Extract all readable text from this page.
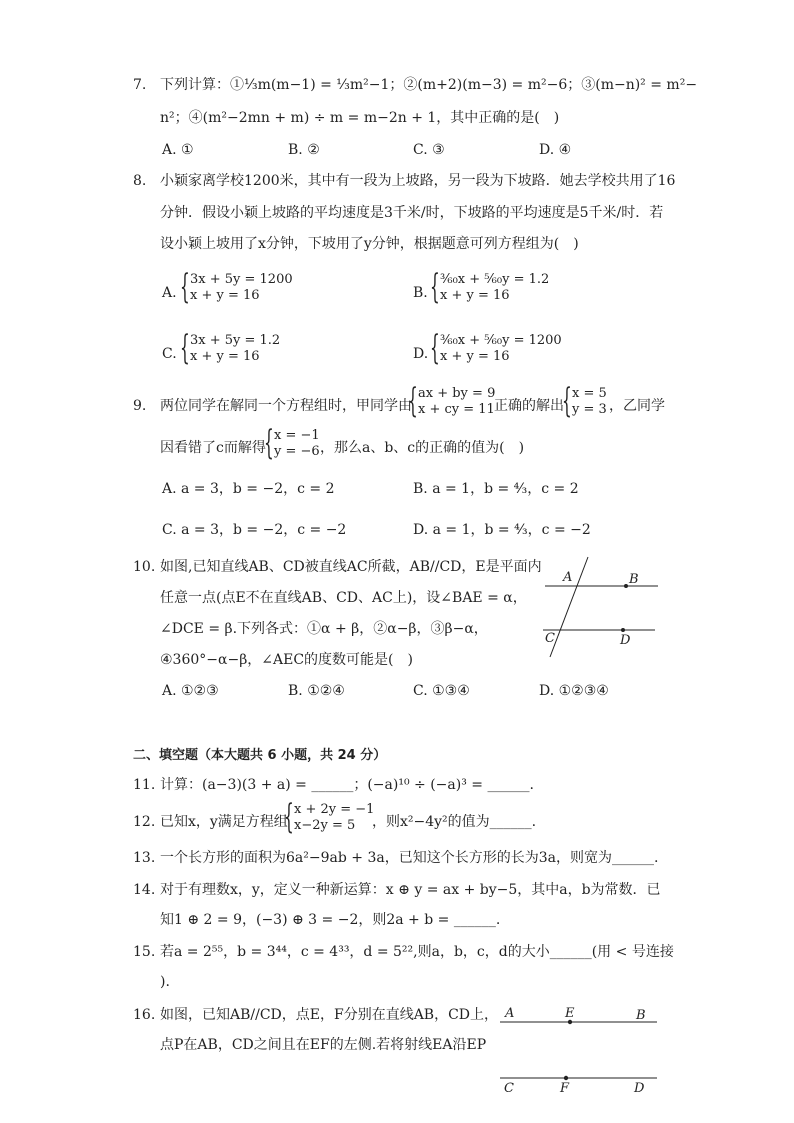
7. 下列计算：①⅓m(m−1) = ⅓m²−1；②(m+2)(m−3) = m²−6；③(m−n)² = m²−
n²；④(m²−2mn + m) ÷ m = m−2n + 1，其中正确的是(　)
A. ①	B. ②	C. ③	D. ④
8. 小颖家离学校1200米，其中有一段为上坡路，另一段为下坡路．她去学校共用了16
分钟．假设小颖上坡路的平均速度是3千米/时，下坡路的平均速度是5千米/时．若
设小颖上坡用了x分钟，下坡用了y分钟，根据题意可列方程组为(　)
A. { 3x + 5y = 1200
x + y = 16	B. { ³⁄₆₀x + ⁵⁄₆₀y = 1.2
x + y = 16
C. { 3x + 5y = 1.2
x + y = 16	D. { ³⁄₆₀x + ⁵⁄₆₀y = 1200
x + y = 16
9. 两位同学在解同一个方程组时，甲同学由
{ ax + by = 9
x + cy = 11 正确的解出
{ x = 5
y = 3 ，乙同学
因看错了c而解得
{ x = −1
y = −6 ，那么a、b、c的正确的值为(　)
A. a = 3，b = −2，c = 2	B. a = 1，b = ⁴⁄₃，c = 2
C. a = 3，b = −2，c = −2	D. a = 1，b = ⁴⁄₃，c = −2
10. 如图,已知直线AB、CD被直线AC所截，AB//CD，E是平面内
任意一点(点E不在直线AB、CD、AC上)，设∠BAE = α，
∠DCE = β.下列各式：①α + β，②α−β，③β−α，
④360°−α−β，∠AEC的度数可能是(　)
A	B
C	D
A. ①②③	B. ①②④	C. ①③④	D. ①②③④
二、填空题（本大题共 6 小题，共 24 分）
11. 计算：(a−3)(3 + a) = ______；(−a)¹⁰ ÷ (−a)³ = ______.
12. 已知x，y满足方程组
{ x + 2y = −1
x−2y = 5	，则x²−4y²的值为______.
13. 一个长方形的面积为6a²−9ab + 3a，已知这个长方形的长为3a，则宽为______.
14. 对于有理数x，y，定义一种新运算：x ⊕ y = ax + by−5，其中a，b为常数．已
知1 ⊕ 2 = 9，(−3) ⊕ 3 = −2，则2a + b = ______.
15. 若a = 2⁵⁵，b = 3⁴⁴，c = 4³³，d = 5²²,则a，b，c，d的大小______(用 < 号连接
).
16. 如图，已知AB//CD，点E，F分别在直线AB，CD上，
点P在AB，CD之间且在EF的左侧.若将射线EA沿EP
A	E	B
C	F	D
